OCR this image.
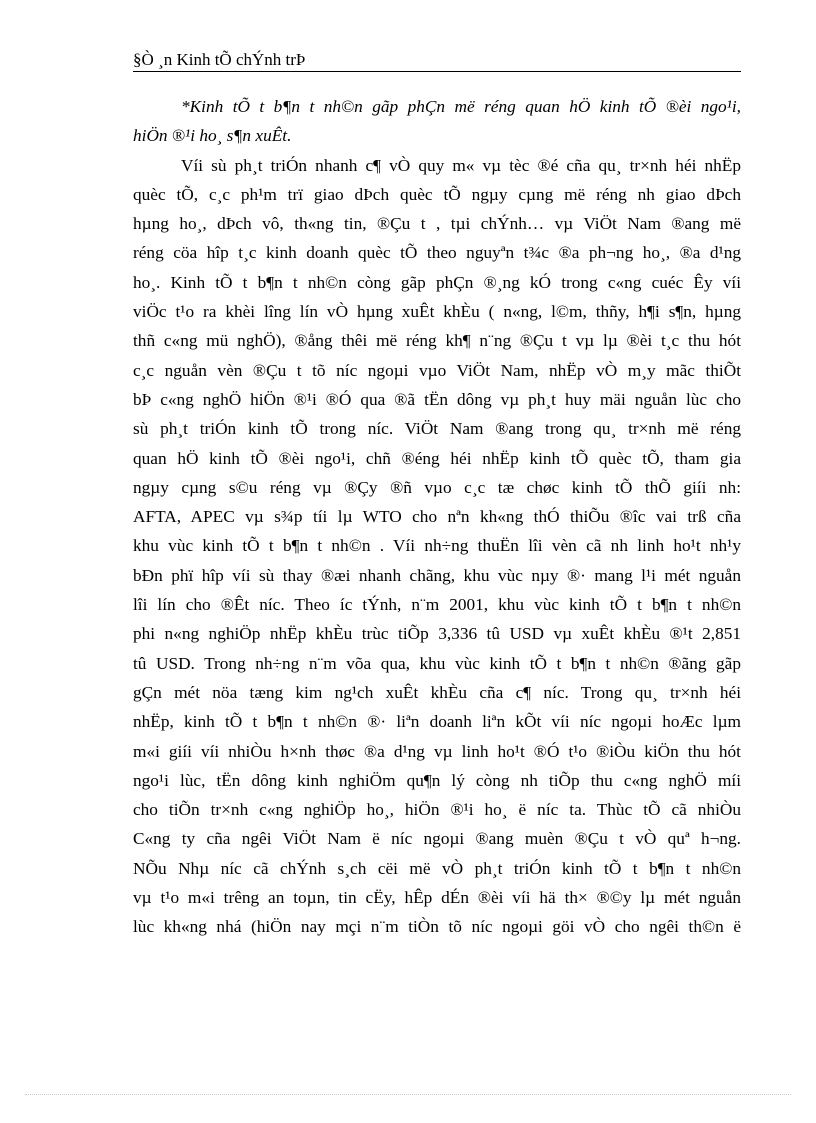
§Ò ¸n Kinh tÕ chÝnh trÞ
*Kinh tÕ t b¶n t nh©n gãp phÇn më réng quan hÖ kinh tÕ ®èi ngo¹i,
hiÖn ®¹i ho¸ s¶n xuÊt.
Víi sù ph¸t triÓn nhanh c¶ vÒ quy m« vµ tèc ®é cña qu¸ tr×nh héi nhËp
quèc tÕ, c¸c ph¹m trï giao dÞch quèc tÕ ngµy cµng më réng nh giao dÞch
hµng ho¸, dÞch vô, th«ng tin, ®Çu t , tµi chÝnh… vµ ViÖt Nam ®ang më
réng cöa hîp t¸c kinh doanh quèc tÕ theo nguyªn t¾c ®a ph¬ng ho¸, ®a d¹ng
ho¸. Kinh tÕ t b¶n t nh©n còng gãp phÇn ®¸ng kÓ trong c«ng cuéc Êy víi
viÖc t¹o ra khèi lîng lín vÒ hµng xuÊt khÈu ( n«ng, l©m, thñy, h¶i s¶n, hµng
thñ c«ng mü nghÖ), ®ång thêi më réng kh¶ n¨ng ®Çu t vµ lµ ®èi t¸c thu hót
c¸c nguån vèn ®Çu t tõ níc ngoµi vµo ViÖt Nam, nhËp vÒ m¸y mãc thiÕt
bÞ c«ng nghÖ hiÖn ®¹i ®Ó qua ®ã tËn dông vµ ph¸t huy mäi nguån lùc cho
sù ph¸t triÓn kinh tÕ trong níc. ViÖt Nam ®ang trong qu¸ tr×nh më réng
quan hÖ kinh tÕ ®èi ngo¹i, chñ ®éng héi nhËp kinh tÕ quèc tÕ, tham gia
ngµy cµng s©u réng vµ ®Çy ®ñ vµo c¸c tæ chøc kinh tÕ thÕ giíi nh:
AFTA, APEC vµ s¾p tíi lµ WTO cho nªn kh«ng thÓ thiÕu ®îc vai trß cña
khu vùc kinh tÕ t b¶n t nh©n . Víi nh÷ng thuËn lîi vèn cã nh linh ho¹t nh¹y
bÐn phï hîp víi sù thay ®æi nhanh chãng, khu vùc nµy ®· mang l¹i mét nguån
lîi lín cho ®Êt níc. Theo íc tÝnh, n¨m 2001, khu vùc kinh tÕ t b¶n t nh©n
phi n«ng nghiÖp nhËp khÈu trùc tiÕp 3,336 tû USD vµ xuÊt khÈu ®¹t 2,851
tû USD. Trong nh÷ng n¨m võa qua, khu vùc kinh tÕ t b¶n t nh©n ®ãng gãp
gÇn mét nöa tæng kim ng¹ch xuÊt khÈu cña c¶ níc. Trong qu¸ tr×nh héi
nhËp, kinh tÕ t b¶n t nh©n ®· liªn doanh liªn kÕt víi níc ngoµi hoÆc lµm
m«i giíi víi nhiÒu h×nh thøc ®a d¹ng vµ linh ho¹t ®Ó t¹o ®iÒu kiÖn thu hót
ngo¹i lùc, tËn dông kinh nghiÖm qu¶n lý còng nh tiÕp thu c«ng nghÖ míi
cho tiÕn tr×nh c«ng nghiÖp ho¸, hiÖn ®¹i ho¸ ë níc ta. Thùc tÕ cã nhiÒu
C«ng ty cña ngêi ViÖt Nam ë níc ngoµi ®ang muèn ®Çu t vÒ quª h¬ng.
NÕu Nhµ níc cã chÝnh s¸ch cëi më vÒ ph¸t triÓn kinh tÕ t b¶n t nh©n
vµ t¹o m«i trêng an toµn, tin cËy, hÊp dÉn ®èi víi hä th× ®©y lµ mét nguån
lùc kh«ng nhá (hiÖn nay mçi n¨m tiÒn tõ níc ngoµi göi vÒ cho ngêi th©n ë
